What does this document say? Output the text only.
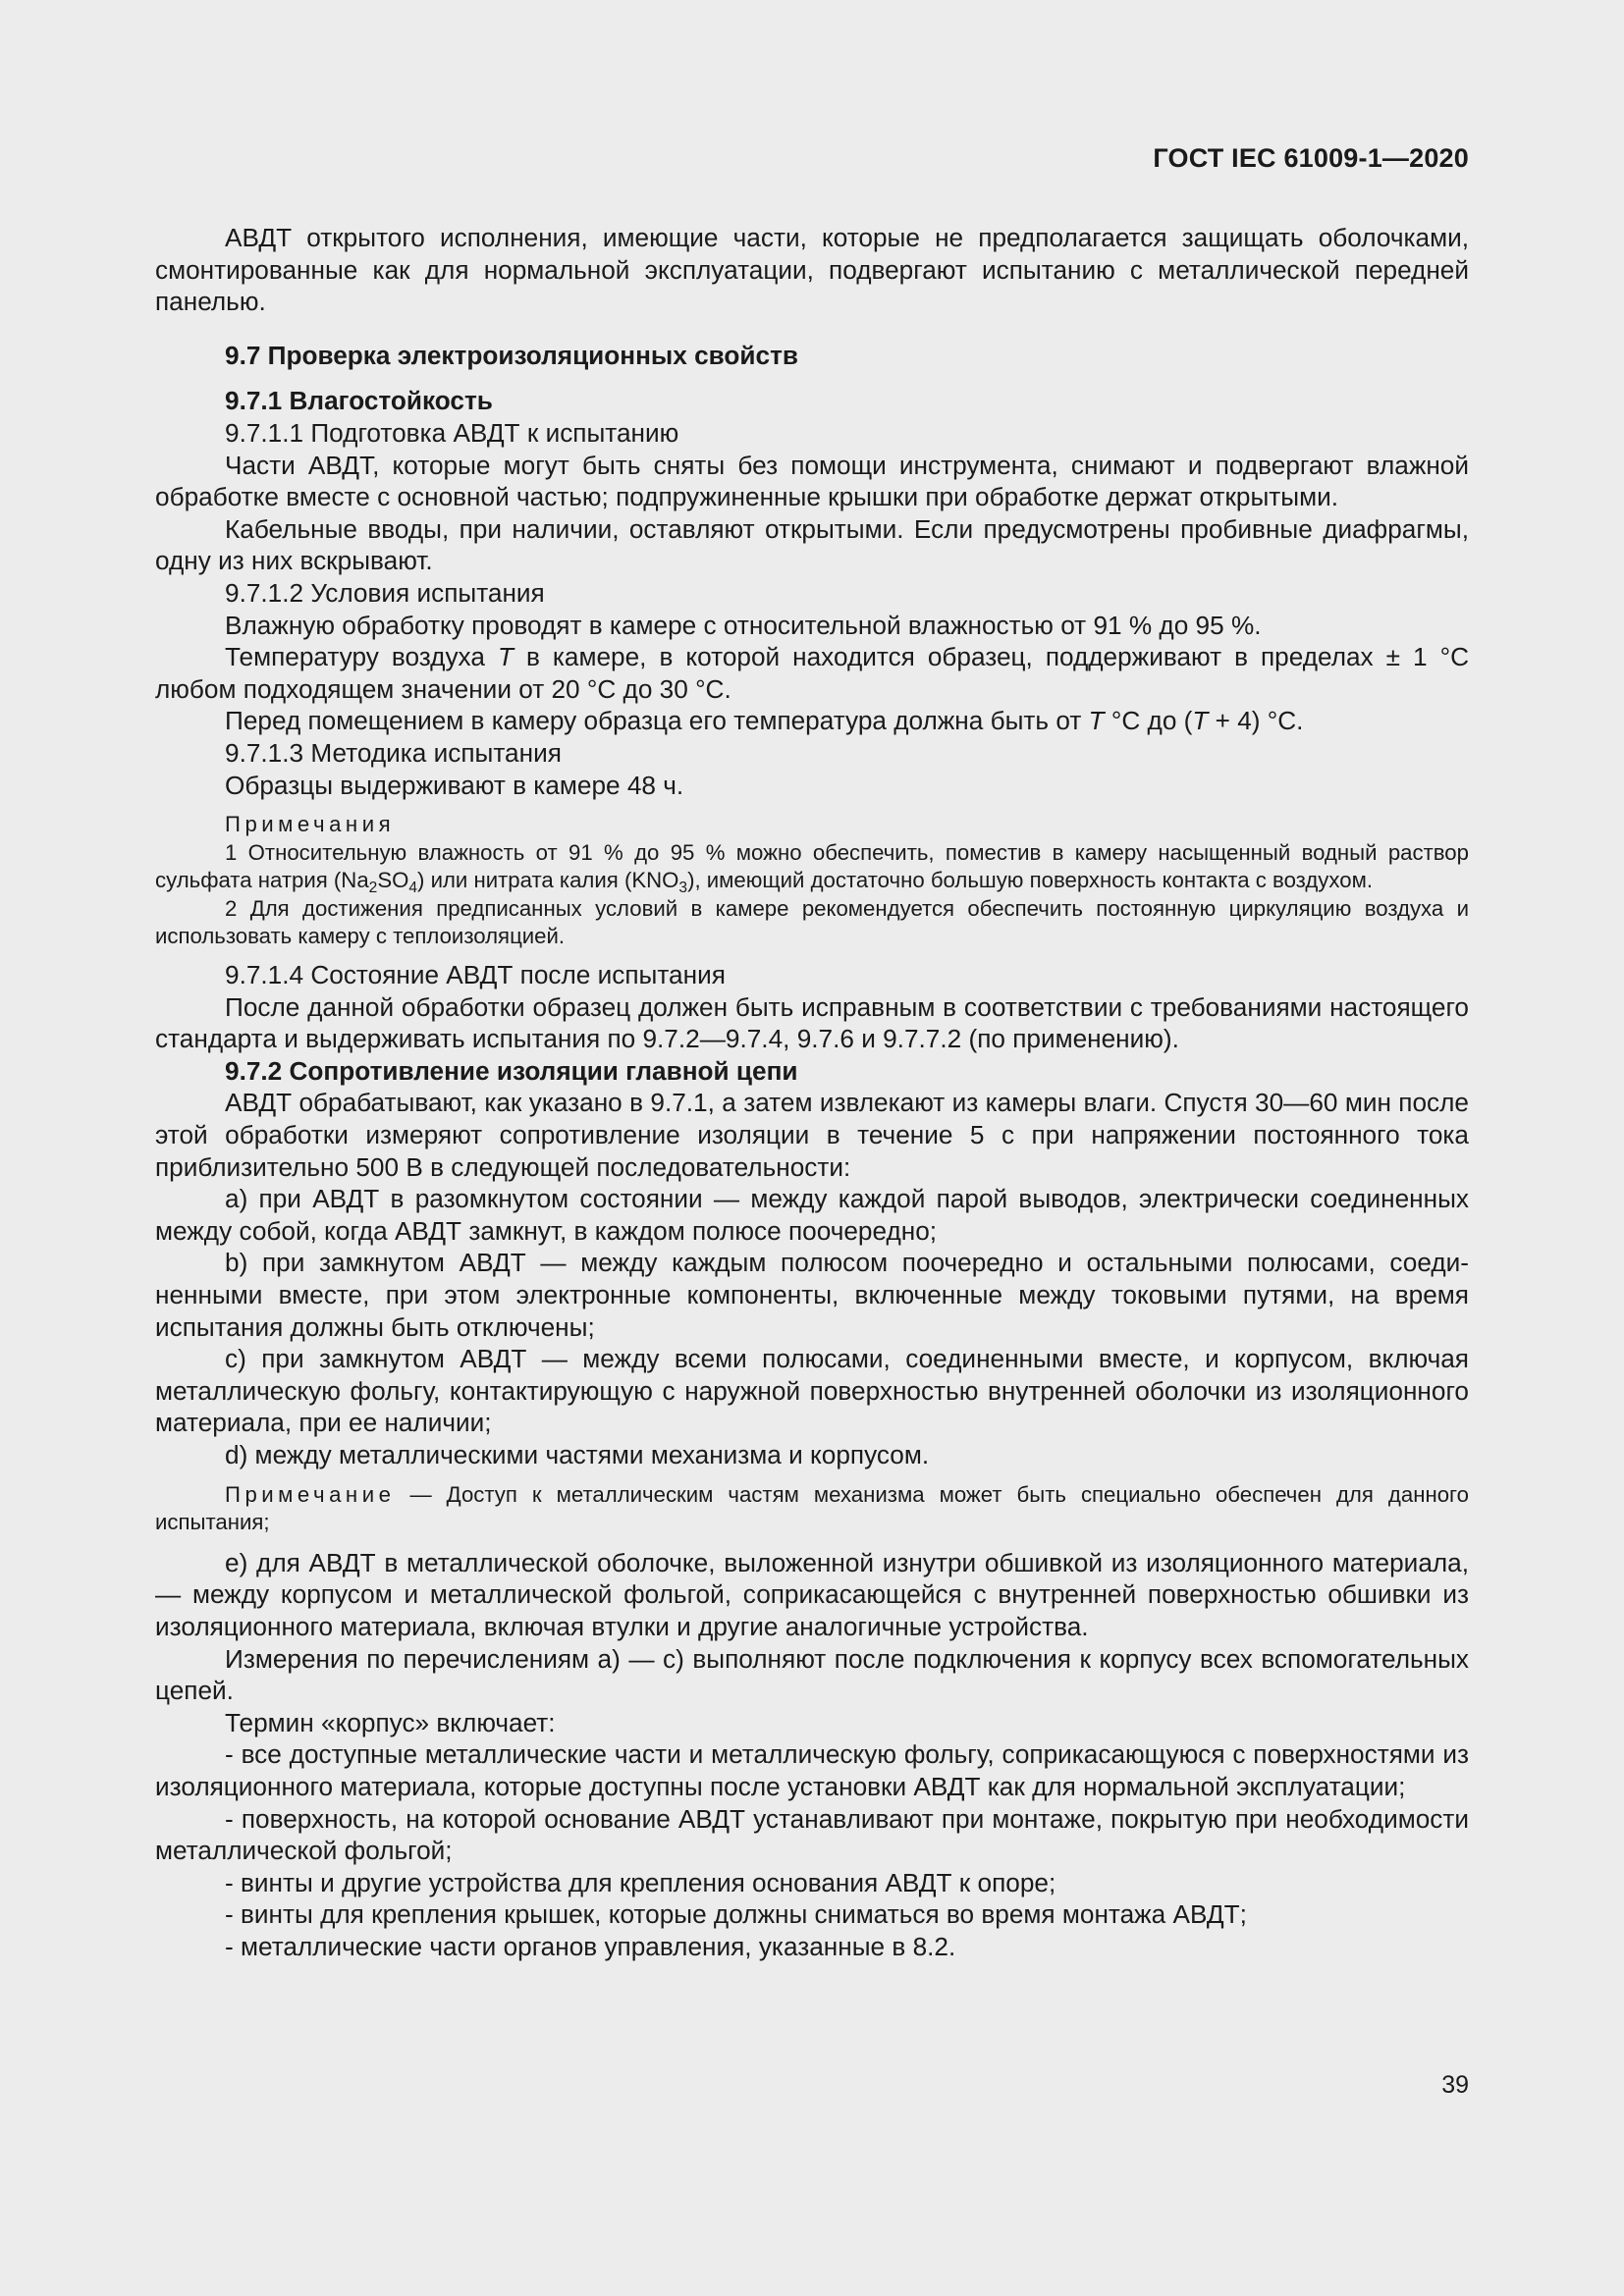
ГОСТ IEC 61009-1—2020

АВДТ открытого исполнения, имеющие части, которые не предполагается защищать оболочками, смонтированные как для нормальной эксплуатации, подвергают испытанию с металлической передней панелью.

9.7 Проверка электроизоляционных свойств

9.7.1 Влагостойкость

9.7.1.1 Подготовка АВДТ к испытанию

Части АВДТ, которые могут быть сняты без помощи инструмента, снимают и подвергают влажной обработке вместе с основной частью; подпружиненные крышки при обработке держат открытыми.

Кабельные вводы, при наличии, оставляют открытыми. Если предусмотрены пробивные диафрагмы, одну из них вскрывают.

9.7.1.2 Условия испытания

Влажную обработку проводят в камере с относительной влажностью от 91 % до 95 %.

Температуру воздуха T в камере, в которой находится образец, поддерживают в пределах ± 1 °С любом подходящем значении от 20 °С до 30 °С.

Перед помещением в камеру образца его температура должна быть от T °С до (T + 4) °С.

9.7.1.3 Методика испытания

Образцы выдерживают в камере 48 ч.

Примечания

1 Относительную влажность от 91 % до 95 % можно обеспечить, поместив в камеру насыщенный водный раствор сульфата натрия $(Na_2SO_4)$ или нитрата калия $(KNO_3)$, имеющий достаточно большую поверхность контакта с воздухом.

2 Для достижения предписанных условий в камере рекомендуется обеспечить постоянную циркуляцию воздуха и использовать камеру с теплоизоляцией.

9.7.1.4 Состояние АВДТ после испытания

После данной обработки образец должен быть исправным в соответствии с требованиями настоящего стандарта и выдерживать испытания по 9.7.2—9.7.4, 9.7.6 и 9.7.7.2 (по применению).

9.7.2 Сопротивление изоляции главной цепи

АВДТ обрабатывают, как указано в 9.7.1, а затем извлекают из камеры влаги. Спустя 30—60 мин после этой обработки измеряют сопротивление изоляции в течение 5 с при напряжении постоянного тока приблизительно 500 В в следующей последовательности:

a) при АВДТ в разомкнутом состоянии — между каждой парой выводов, электрически соединенных между собой, когда АВДТ замкнут, в каждом полюсе поочередно;

b) при замкнутом АВДТ — между каждым полюсом поочередно и остальными полюсами, соединенными вместе, при этом электронные компоненты, включенные между токовыми путями, на время испытания должны быть отключены;

c) при замкнутом АВДТ — между всеми полюсами, соединенными вместе, и корпусом, включая металлическую фольгу, контактирующую с наружной поверхностью внутренней оболочки из изоляционного материала, при ее наличии;

d) между металлическими частями механизма и корпусом.

Примечание — Доступ к металлическим частям механизма может быть специально обеспечен для данного испытания;

e) для АВДТ в металлической оболочке, выложенной изнутри обшивкой из изоляционного материала, — между корпусом и металлической фольгой, соприкасающейся с внутренней поверхностью обшивки из изоляционного материала, включая втулки и другие аналогичные устройства.

Измерения по перечислениям a) — c) выполняют после подключения к корпусу всех вспомогательных цепей.

Термин «корпус» включает:

- все доступные металлические части и металлическую фольгу, соприкасающуюся с поверхностями из изоляционного материала, которые доступны после установки АВДТ как для нормальной эксплуатации;

- поверхность, на которой основание АВДТ устанавливают при монтаже, покрытую при необходимости металлической фольгой;

- винты и другие устройства для крепления основания АВДТ к опоре;

- винты для крепления крышек, которые должны сниматься во время монтажа АВДТ;

- металлические части органов управления, указанные в 8.2.

39
